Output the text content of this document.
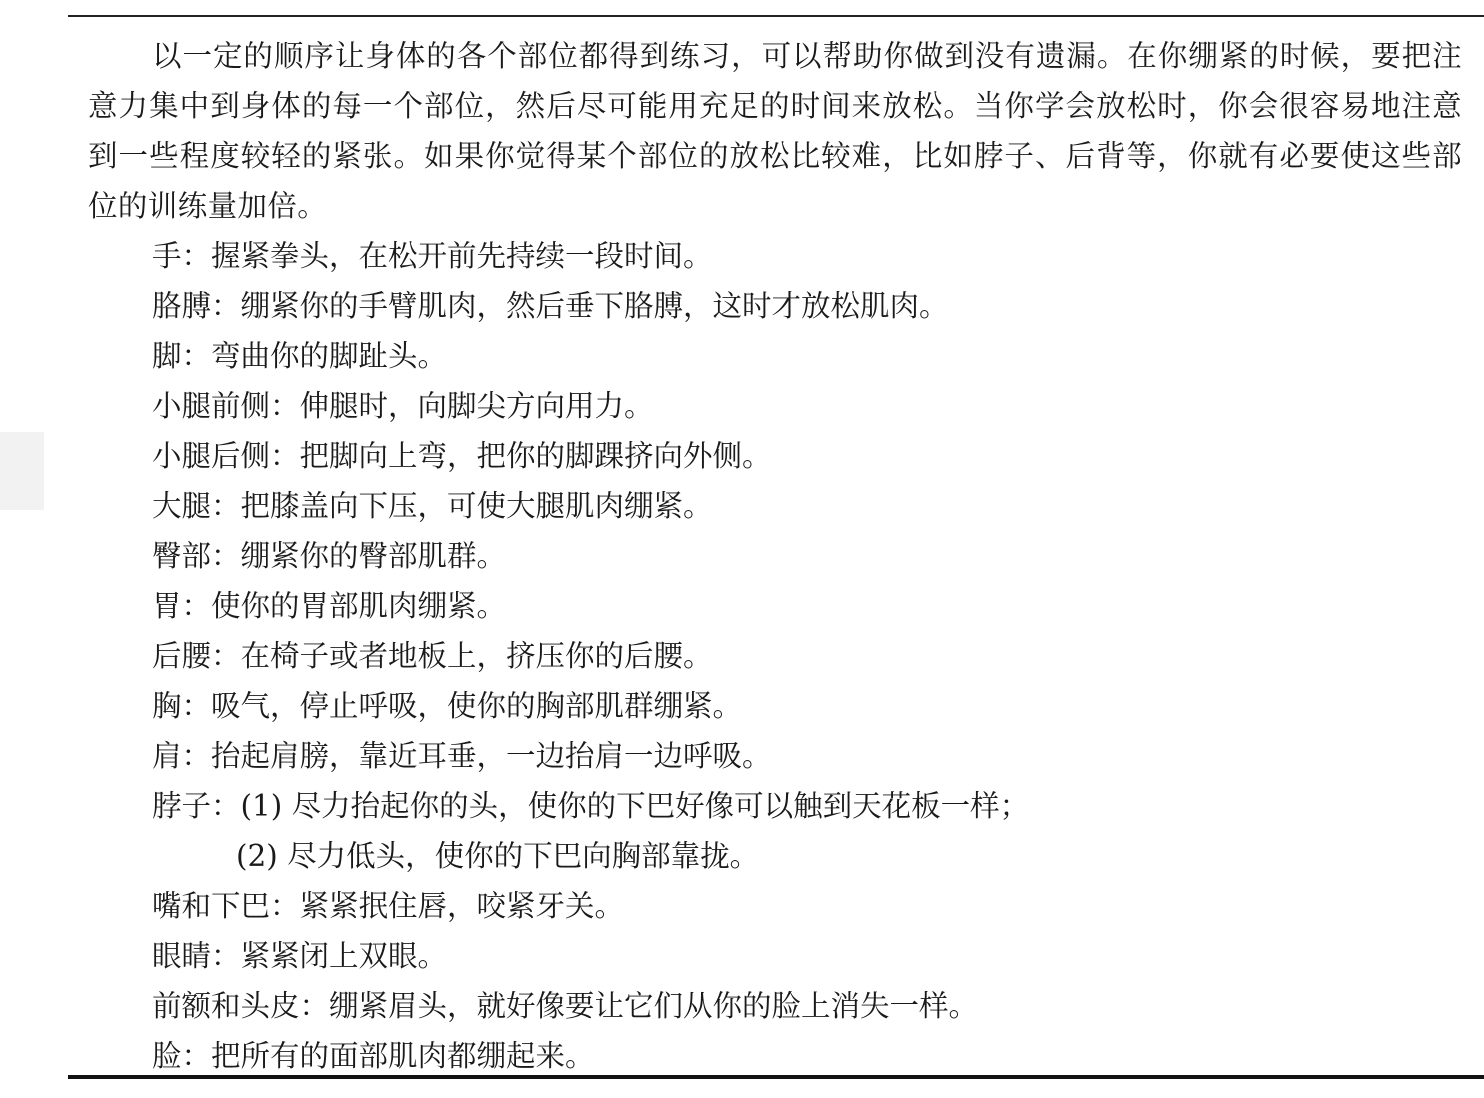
以一定的顺序让身体的各个部位都得到练习，可以帮助你做到没有遗漏。在你绷紧的时候，要把注意力集中到身体的每一个部位，然后尽可能用充足的时间来放松。当你学会放松时，你会很容易地注意到一些程度较轻的紧张。如果你觉得某个部位的放松比较难，比如脖子、后背等，你就有必要使这些部位的训练量加倍。

手：握紧拳头，在松开前先持续一段时间。

胳膊：绷紧你的手臂肌肉，然后垂下胳膊，这时才放松肌肉。

脚：弯曲你的脚趾头。

小腿前侧：伸腿时，向脚尖方向用力。

小腿后侧：把脚向上弯，把你的脚踝挤向外侧。

大腿：把膝盖向下压，可使大腿肌肉绷紧。

臀部：绷紧你的臀部肌群。

胃：使你的胃部肌肉绷紧。

后腰：在椅子或者地板上，挤压你的后腰。

胸：吸气，停止呼吸，使你的胸部肌群绷紧。

肩：抬起肩膀，靠近耳垂，一边抬肩一边呼吸。

脖子：(1) 尽力抬起你的头，使你的下巴好像可以触到天花板一样；

(2) 尽力低头，使你的下巴向胸部靠拢。

嘴和下巴：紧紧抿住唇，咬紧牙关。

眼睛：紧紧闭上双眼。

前额和头皮：绷紧眉头，就好像要让它们从你的脸上消失一样。

脸：把所有的面部肌肉都绷起来。
